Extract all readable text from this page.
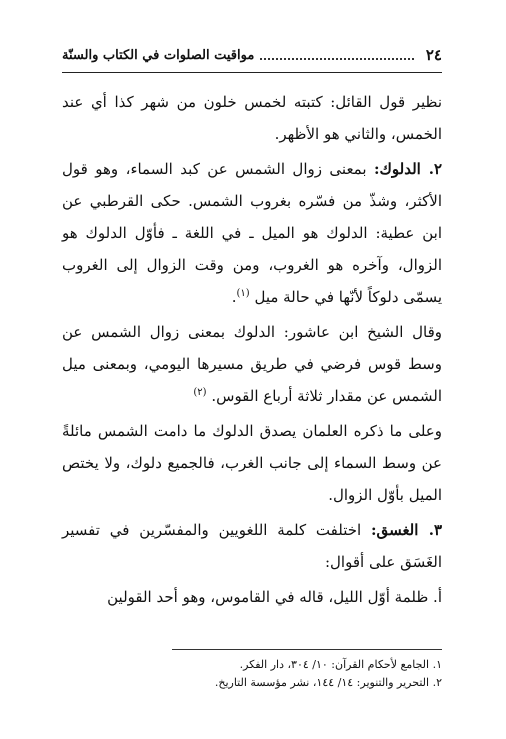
٢٤
مواقيت الصلوات في الكتاب والسنّة

نظير قول القائل: كتبته لخمس خلون من شهر كذا أي عند الخمس، والثاني هو الأظهر.

٢. الدلوك: بمعنى زوال الشمس عن كبد السماء، وهو قول الأكثر، وشذّ من فسّره بغروب الشمس. حكى القرطبي عن ابن عطية: الدلوك هو الميل ـ في اللغة ـ فأوّل الدلوك هو الزوال، وآخره هو الغروب، ومن وقت الزوال إلى الغروب يسمّى دلوكاً لأنّها في حالة ميل $^{(١)}$.

وقال الشيخ ابن عاشور: الدلوك بمعنى زوال الشمس عن وسط قوس فرضي في طريق مسيرها اليومي، وبمعنى ميل الشمس عن مقدار ثلاثة أرباع القوس. $^{(٢)}$

وعلى ما ذكره العلمان يصدق الدلوك ما دامت الشمس مائلةً عن وسط السماء إلى جانب الغرب، فالجميع دلوك، ولا يختص الميل بأوّل الزوال.

٣. الغسق: اختلفت كلمة اللغويين والمفسّرين في تفسير الغَسَق على أقوال:

أ. ظلمة أوّل الليل، قاله في القاموس، وهو أحد القولين

١. الجامع لأحكام القرآن: ١٠/ ٣٠٤، دار الفكر.
٢. التحرير والتنوير: ١٤/ ١٤٤، نشر مؤسسة التاريخ.
